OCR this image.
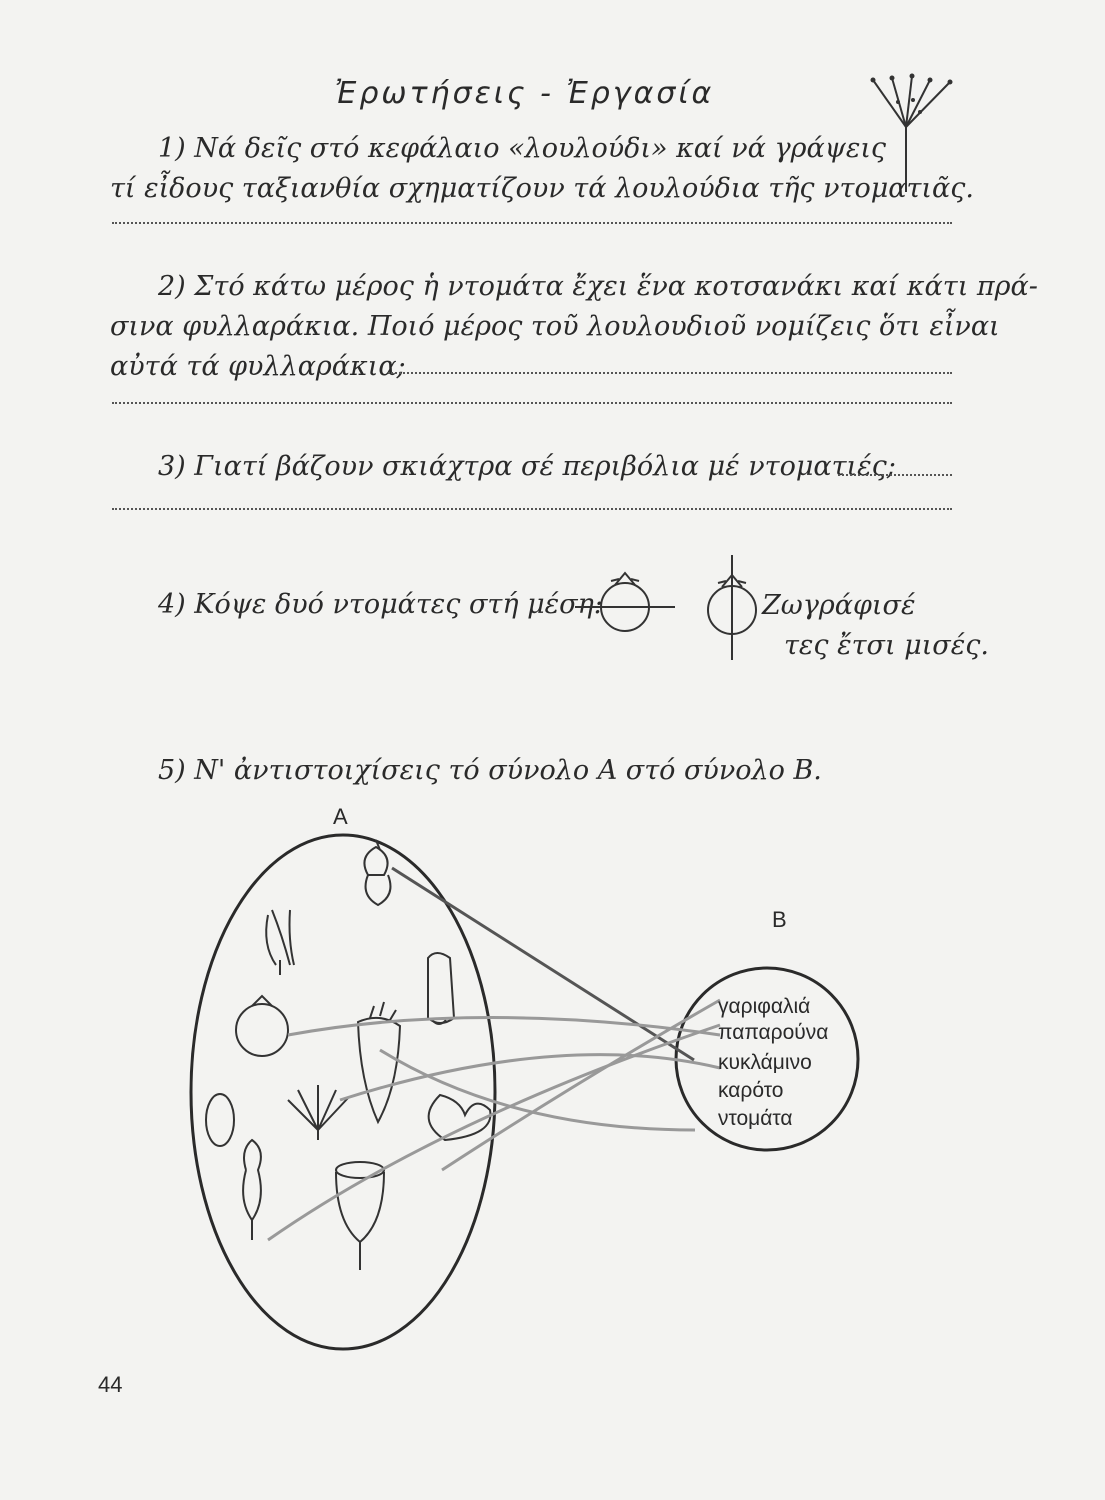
Ἐρωτήσεις - Ἐργασία
1) Νά δεῖς στό κεφάλαιο «λουλούδι» καί νά γράψεις
τί εἶδους ταξιανθία σχηματίζουν τά λουλούδια τῆς ντοματιᾶς.
2) Στό κάτω μέρος ἡ ντομάτα ἔχει ἕνα κοτσανάκι καί κάτι πρά-
σινα φυλλαράκια. Ποιό μέρος τοῦ λουλουδιοῦ νομίζεις ὅτι εἶναι
αὐτά τά φυλλαράκια;
3) Γιατί βάζουν σκιάχτρα σέ περιβόλια μέ ντοματιές;
4) Κόψε δυό ντομάτες στή μέση:	Ζωγράφισέ
τες ἔτσι μισές.
5) Ν' ἀντιστοιχίσεις τό σύνολο Α στό σύνολο Β.
A
B
γαριφαλιά
παπαρούνα
κυκλάμινο
καρότο
ντομάτα
44
